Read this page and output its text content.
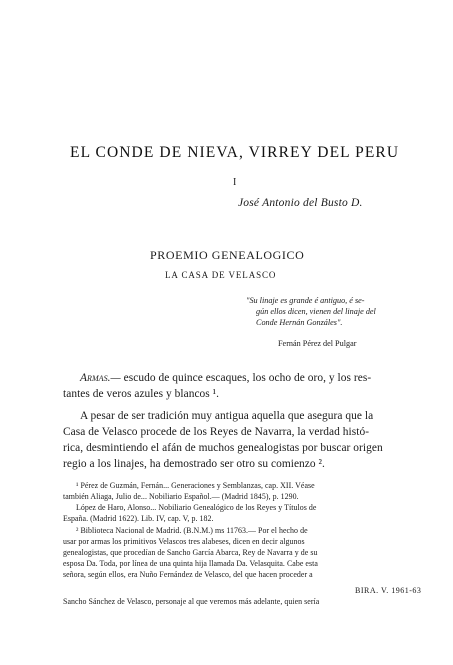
EL CONDE DE NIEVA, VIRREY DEL PERU
I
José Antonio del Busto D.
PROEMIO GENEALOGICO
LA CASA DE VELASCO
"Su linaje es grande é antiguo, é se-
gún ellos dicen, vienen del linaje del
Conde Hernán Gonzáles".
Fernán Pérez del Pulgar
Armas.— escudo de quince escaques, los ocho de oro, y los res-
tantes de veros azules y blancos ¹.
A pesar de ser tradición muy antigua aquella que asegura que la
Casa de Velasco procede de los Reyes de Navarra, la verdad histó-
rica, desmintiendo el afán de muchos genealogistas por buscar origen
regio a los linajes, ha demostrado ser otro su comienzo ².
¹ Pérez de Guzmán, Fernán... Generaciones y Semblanzas, cap. XII. Véase
también Aliaga, Julio de... Nobiliario Español.— (Madrid 1845), p. 1290.
López de Haro, Alonso... Nobiliario Genealógico de los Reyes y Títulos de
España. (Madrid 1622). Lib. IV, cap. V, p. 182.
² Biblioteca Nacional de Madrid. (B.N.M.) ms 11763.— Por el hecho de
usar por armas los primitivos Velascos tres alabeses, dicen en decir algunos
genealogistas, que procedían de Sancho García Abarca, Rey de Navarra y de su
esposa Da. Toda, por línea de una quinta hija llamada Da. Velasquita. Cabe esta
señora, según ellos, era Nuño Fernández de Velasco, del que hacen proceder a
Sancho Sánchez de Velasco, personaje al que veremos más adelante, quien sería
BIRA. V. 1961-63
